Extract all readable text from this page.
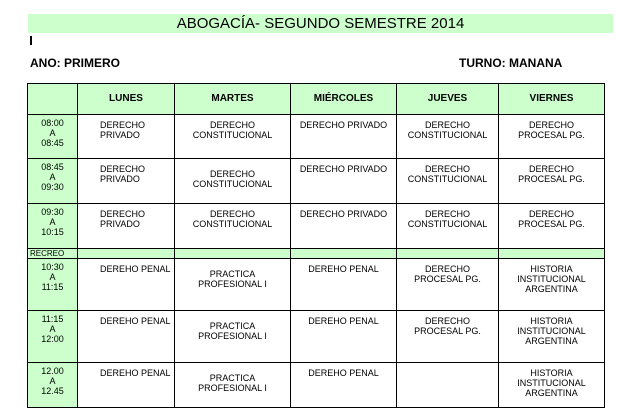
ABOGACÍA- SEGUNDO SEMESTRE 2014
ANO: PRIMERO	TURNO: MANANA
	LUNES	MARTES	MIÉRCOLES	JUEVES	VIERNES

08:00
A
08:45	DERECHO
PRIVADO	DERECHO
CONSTITUCIONAL	DERECHO PRIVADO	DERECHO
CONSTITUCIONAL	DERECHO
PROCESAL PG.

08:45
A
09:30	DERECHO
PRIVADO	DERECHO
CONSTITUCIONAL	DERECHO PRIVADO	DERECHO
CONSTITUCIONAL	DERECHO
PROCESAL PG.

09:30
A
10:15	DERECHO
PRIVADO	DERECHO
CONSTITUCIONAL	DERECHO PRIVADO	DERECHO
CONSTITUCIONAL	DERECHO
PROCESAL PG.

RECREO					

10:30
A
11:15	DEREHO PENAL	PRACTICA
PROFESIONAL I	DEREHO PENAL	DERECHO
PROCESAL PG.	HISTORIA
INSTITUCIONAL
ARGENTINA

11:15
A
12:00	DEREHO PENAL	PRACTICA
PROFESIONAL I	DEREHO PENAL	DERECHO
PROCESAL PG.	HISTORIA
INSTITUCIONAL
ARGENTINA

12.00
A
12.45	DEREHO PENAL	PRACTICA
PROFESIONAL I	DEREHO PENAL		HISTORIA
INSTITUCIONAL
ARGENTINA
